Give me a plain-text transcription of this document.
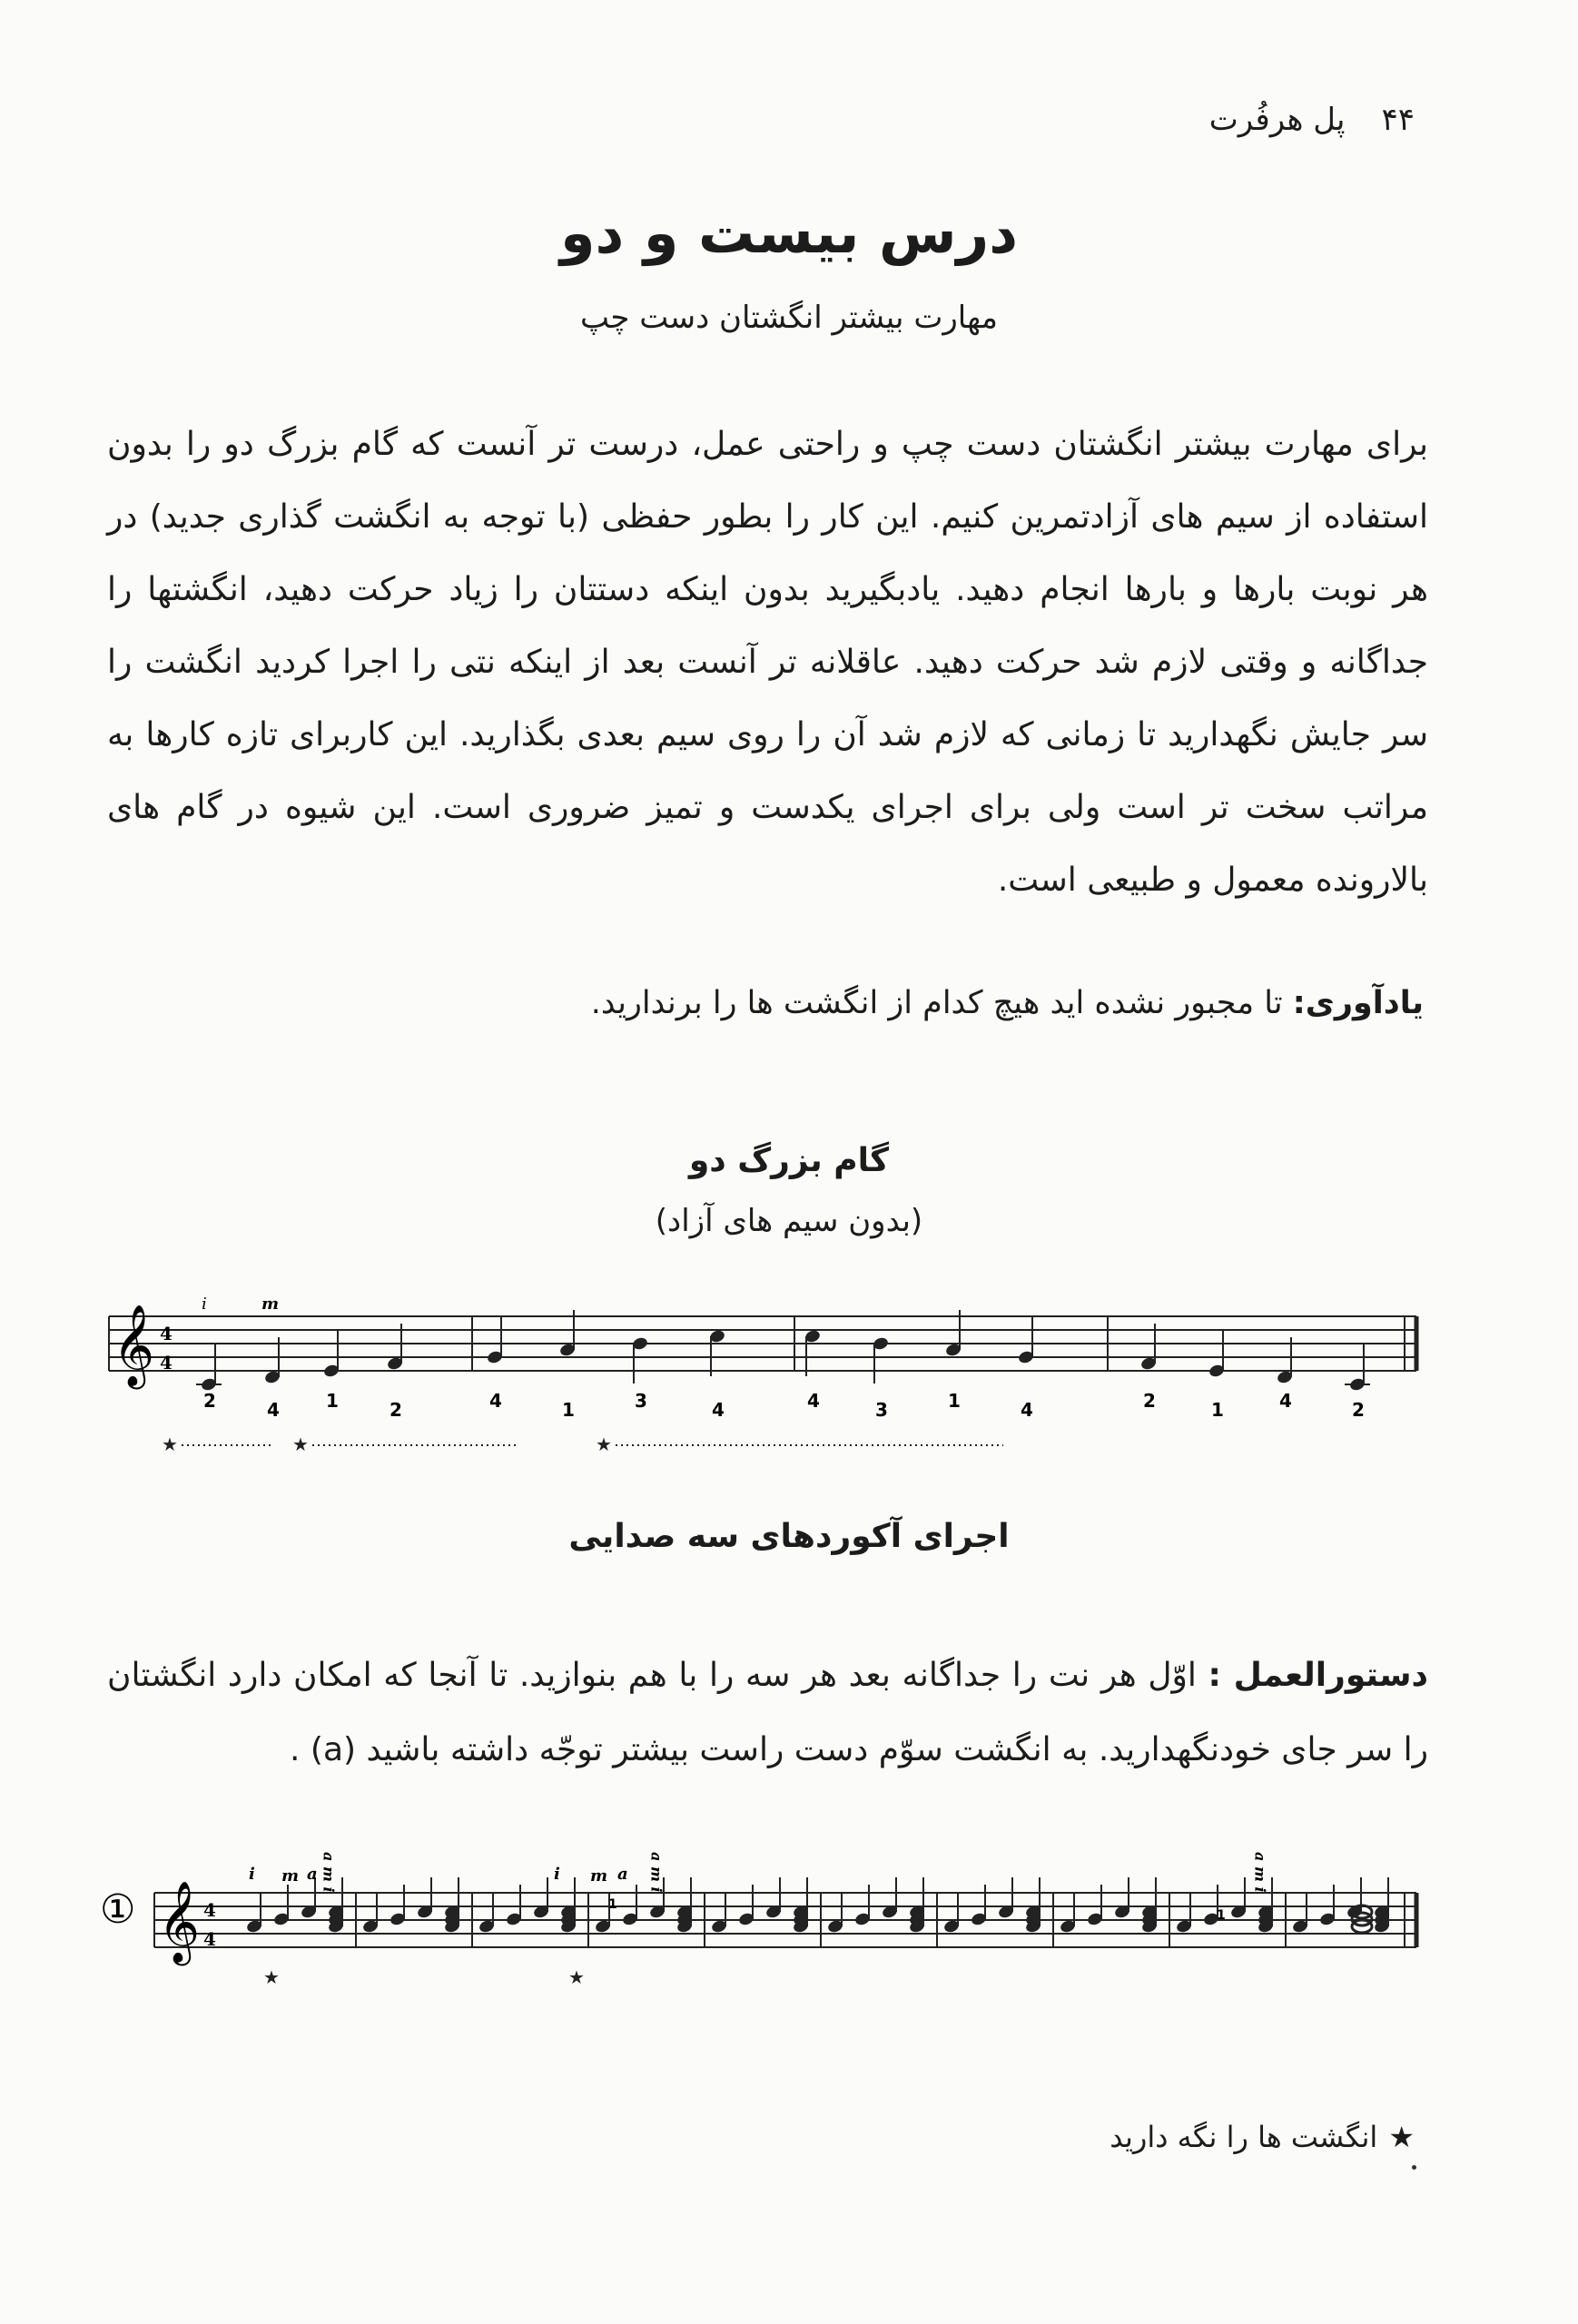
۴۴
پل هرفُرت
درس بیست و دو
مهارت بیشتر انگشتان دست چپ
برای مهارت بیشتر انگشتان دست چپ و راحتی عمل، درست تر آنست که گام بزرگ دو را بدون استفاده از سیم های آزادتمرین کنیم. این کار را بطور حفظی (با توجه به انگشت گذاری جدید) در هر نوبت بارها و بارها انجام دهید. یادبگیرید بدون اینکه دستتان را زیاد حرکت دهید، انگشتها را جداگانه و وقتی لازم شد حرکت دهید. عاقلانه تر آنست بعد از اینکه نتی را اجرا کردید انگشت را سر جایش نگهدارید تا زمانی که لازم شد آن را روی سیم بعدی بگذارید. این کاربرای تازه کارها به مراتب سخت تر است ولی برای اجرای یکدست و تمیز ضروری است. این شیوه در گام های بالارونده معمول و طبیعی است.
یادآوری: تا مجبور نشده اید هیچ کدام از انگشت ها را برندارید.
گام بزرگ دو
(بدون سیم های آزاد)
𝄞 4
4
i	m
2	4	1	2	4	1	3	4	4	3	1	4	2	1	4	2
★	★	★
اجرای آکوردهای سه صدایی
دستورالعمل : اوّل هر نت را جداگانه بعد هر سه را با هم بنوازید. تا آنجا که امکان دارد انگشتان را سر جای خودنگهدارید. به انگشت سوّم دست راست بیشتر توجّه داشته باشید (a) .
① 𝄞 4
4
i m a	i m a
a m i	a m i	a m i
1
1
★	★
★
انگشت ها را نگه دارید
